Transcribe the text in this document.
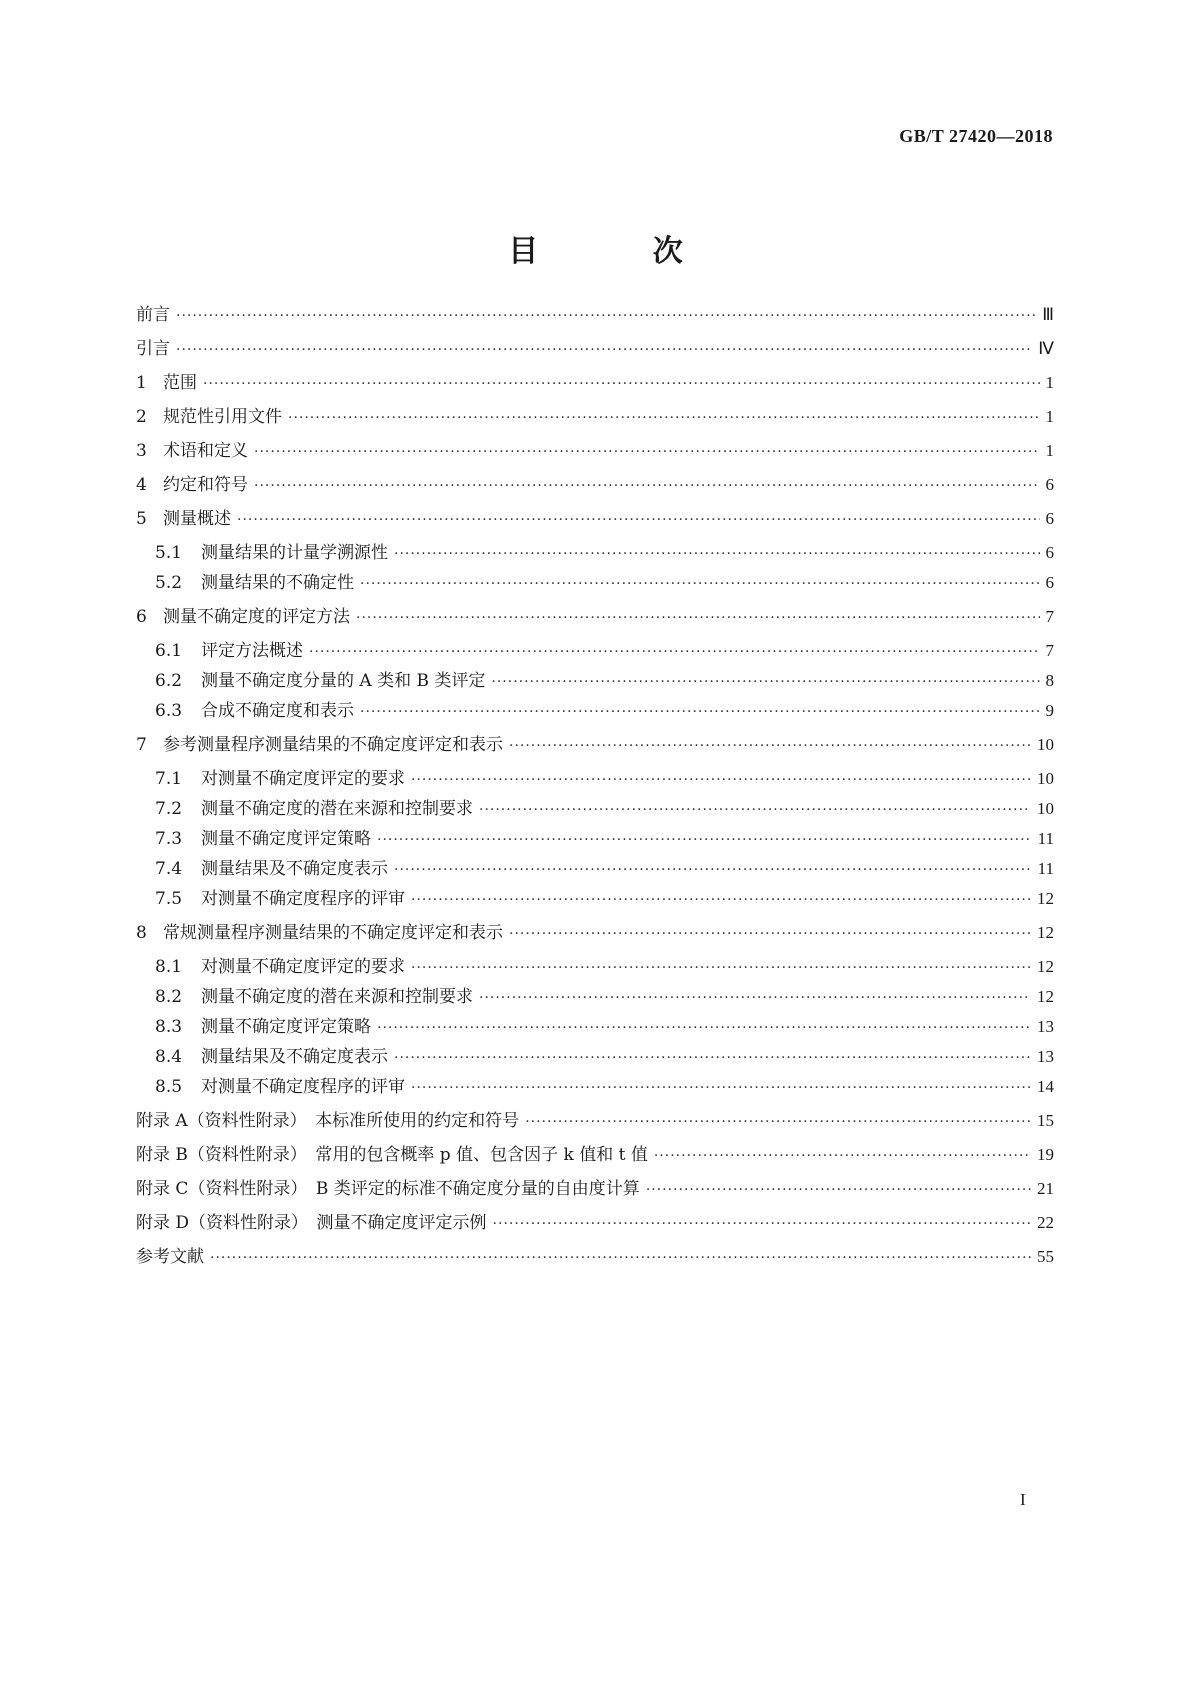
GB/T 27420—2018
目 次
前言 ·····	Ⅲ
引言 ·····	Ⅳ
1 范围 ·····	1
2 规范性引用文件 ·····	1
3 术语和定义 ·····	1
4 约定和符号 ·····	6
5 测量概述 ·····	6
5.1 测量结果的计量学溯源性 ·····	6
5.2 测量结果的不确定性 ·····	6
6 测量不确定度的评定方法 ·····	7
6.1 评定方法概述 ·····	7
6.2 测量不确定度分量的 A 类和 B 类评定 ·····	8
6.3 合成不确定度和表示 ·····	9
7 参考测量程序测量结果的不确定度评定和表示 ·····	10
7.1 对测量不确定度评定的要求 ·····	10
7.2 测量不确定度的潜在来源和控制要求 ·····	10
7.3 测量不确定度评定策略 ·····	11
7.4 测量结果及不确定度表示 ·····	11
7.5 对测量不确定度程序的评审 ·····	12
8 常规测量程序测量结果的不确定度评定和表示 ·····	12
8.1 对测量不确定度评定的要求 ·····	12
8.2 测量不确定度的潜在来源和控制要求 ·····	12
8.3 测量不确定度评定策略 ·····	13
8.4 测量结果及不确定度表示 ·····	13
8.5 对测量不确定度程序的评审 ·····	14
附录 A（资料性附录）　本标准所使用的约定和符号 ·····	15
附录 B（资料性附录）　常用的包含概率 p 值、包含因子 k 值和 t 值 ·····	19
附录 C（资料性附录）　B 类评定的标准不确定度分量的自由度计算 ·····	21
附录 D（资料性附录）　测量不确定度评定示例 ·····	22
参考文献 ·····	55
I
